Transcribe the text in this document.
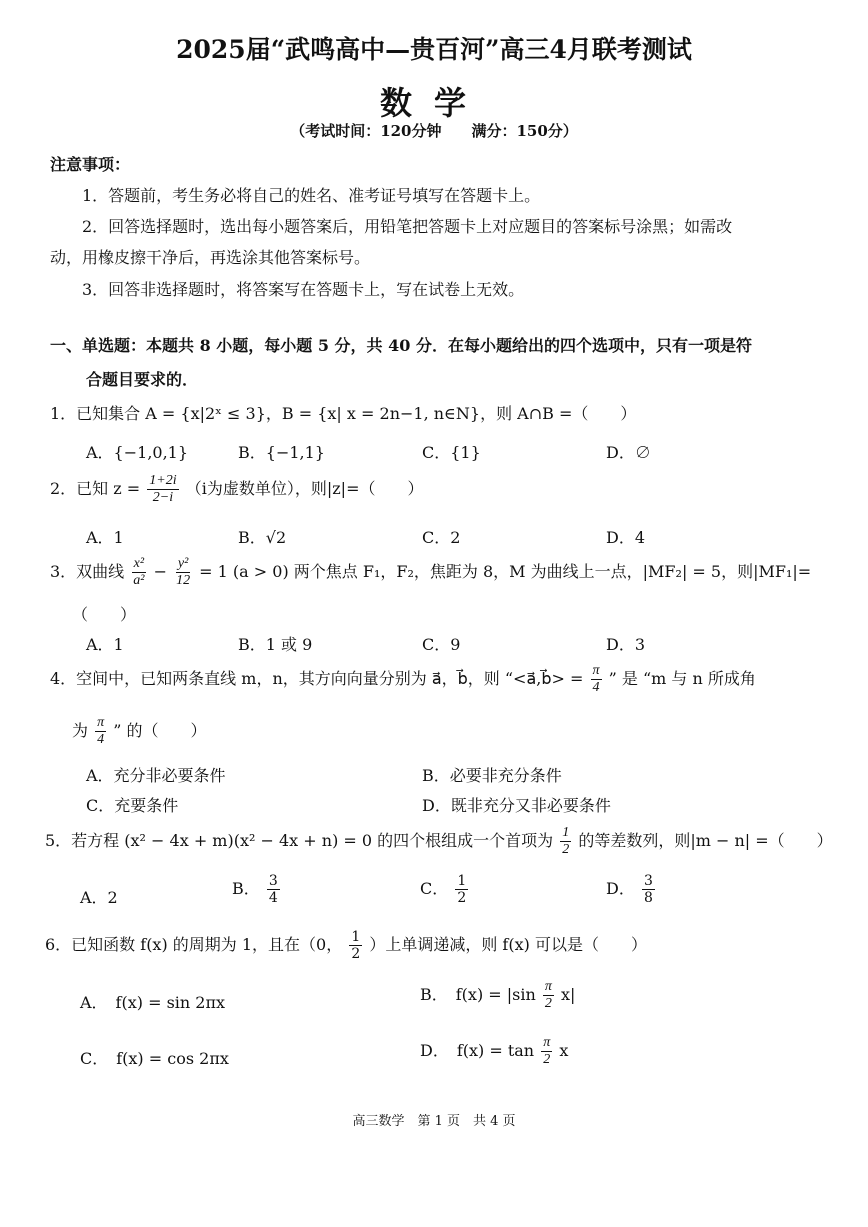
2025届“武鸣高中—贵百河”高三4月联考测试
数学
（考试时间：120分钟　　满分：150分）
注意事项：
1．答题前，考生务必将自己的姓名、准考证号填写在答题卡上。
2．回答选择题时，选出每小题答案后，用铅笔把答题卡上对应题目的答案标号涂黑；如需改
动，用橡皮擦干净后，再选涂其他答案标号。
3．回答非选择题时，将答案写在答题卡上，写在试卷上无效。
一、单选题：本题共 8 小题，每小题 5 分，共 40 分．在每小题给出的四个选项中，只有一项是符
合题目要求的．
1．已知集合 A = {x|2ˣ ≤ 3}，B = {x| x = 2n−1, n∈N}，则 A∩B =（　　）
A．{−1,0,1}	B．{−1,1}	C．{1}	D．∅
2．已知 $z = \frac{1+2i}{2-i} (i$为虚数单位），则|z|=（　　）
A．1	B．√2	C．2	D．4
3．双曲线 $\frac{\text{x²}}{\text{a²}} - \frac{\text{y²}}{12} = 1$ (a > 0) 两个焦点 F₁，F₂，焦距为 8，M 为曲线上一点，|MF₂| = 5，则|MF₁|=
（　　）
A．1	B．1 或 9	C．9	D．3
4．空间中，已知两条直线 m，n，其方向向量分别为 a⃗，b⃗，则 “<a⃗,b⃗> = $\frac{\pi}{4}$ ” 是 “m 与 n 所成角
为 $\frac{\pi}{4}$ ” 的（　　）
A．充分非必要条件	B．必要非充分条件
C．充要条件	D．既非充分又非必要条件
5．若方程 (x² − 4x + m)(x² − 4x + n) = 0 的四个根组成一个首项为 $\frac{1}{2}$ 的等差数列，则|m − n| =（　　）
A．2	B． $\frac{3}{4}$	C． $\frac{1}{2}$	D． $\frac{3}{8}$
6．已知函数 f(x) 的周期为 1，且在（0， $\frac{1}{2}$ ）上单调递减，则 f(x) 可以是（　　）
A．　f(x) = sin 2πx	B．　$f(x) = |\sin \frac{\pi}{2} x|$
C．　f(x) = cos 2πx	D．　$f(x) = \tan \frac{\pi}{2}$ x
高三数学　第 1 页　共 4 页
